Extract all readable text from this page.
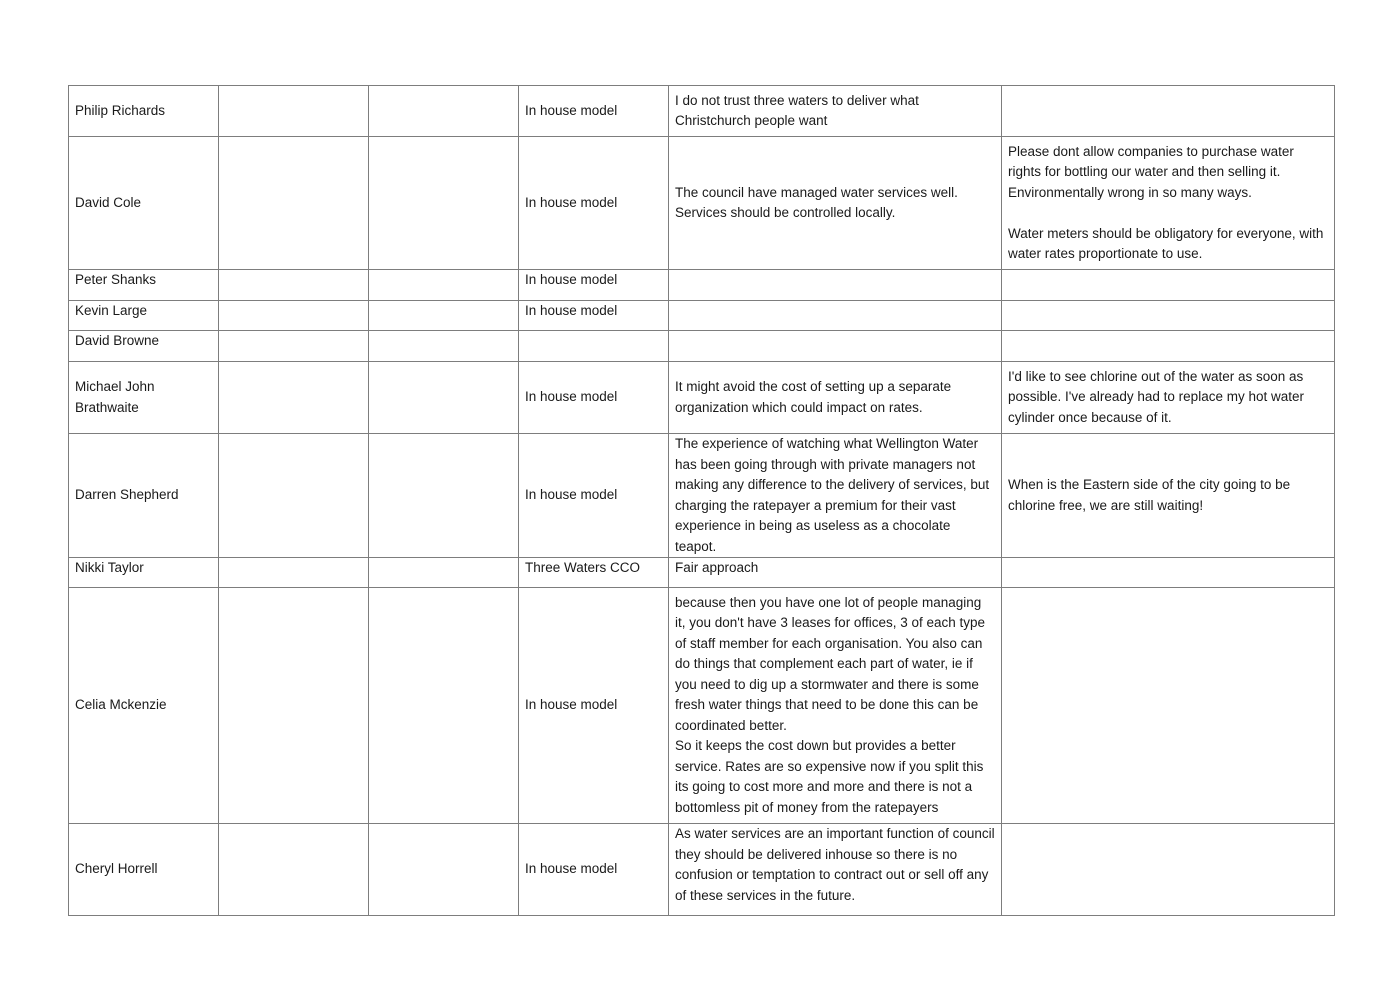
Philip Richards			In house model	I do not trust three waters to deliver what Christchurch people want	
David Cole			In house model	The council have managed water services well. Services should be controlled locally.	Please dont allow companies to purchase water rights for bottling our water and then selling it. Environmentally wrong in so many ways.

Water meters should be obligatory for everyone, with water rates proportionate to use.
Peter Shanks			In house model		
Kevin Large			In house model		
David Browne					
Michael John Brathwaite			In house model	It might avoid the cost of setting up a separate organization which could impact on rates.	I'd like to see chlorine out of the water as soon as possible. I've already had to replace my hot water cylinder once because of it.
Darren Shepherd			In house model	The experience of watching what Wellington Water has been going through with private managers not making any difference to the delivery of services, but charging the ratepayer a premium for their vast experience in being as useless as a chocolate teapot.	When is the Eastern side of the city going to be chlorine free, we are still waiting!
Nikki Taylor			Three Waters CCO	Fair approach	
Celia Mckenzie			In house model	because then you have one lot of people managing it, you don't have 3 leases for offices, 3 of each type of staff member for each organisation. You also can do things that complement each part of water, ie if you need to dig up a stormwater and there is some fresh water things that need to be done this can be coordinated better.
So it keeps the cost down but provides a better service. Rates are so expensive now if you split this its going to cost more and more and there is not a bottomless pit of money from the ratepayers	
Cheryl Horrell			In house model	As water services are an important function of council they should be delivered inhouse so there is no confusion or temptation to contract out or sell off any of these services in the future.	
